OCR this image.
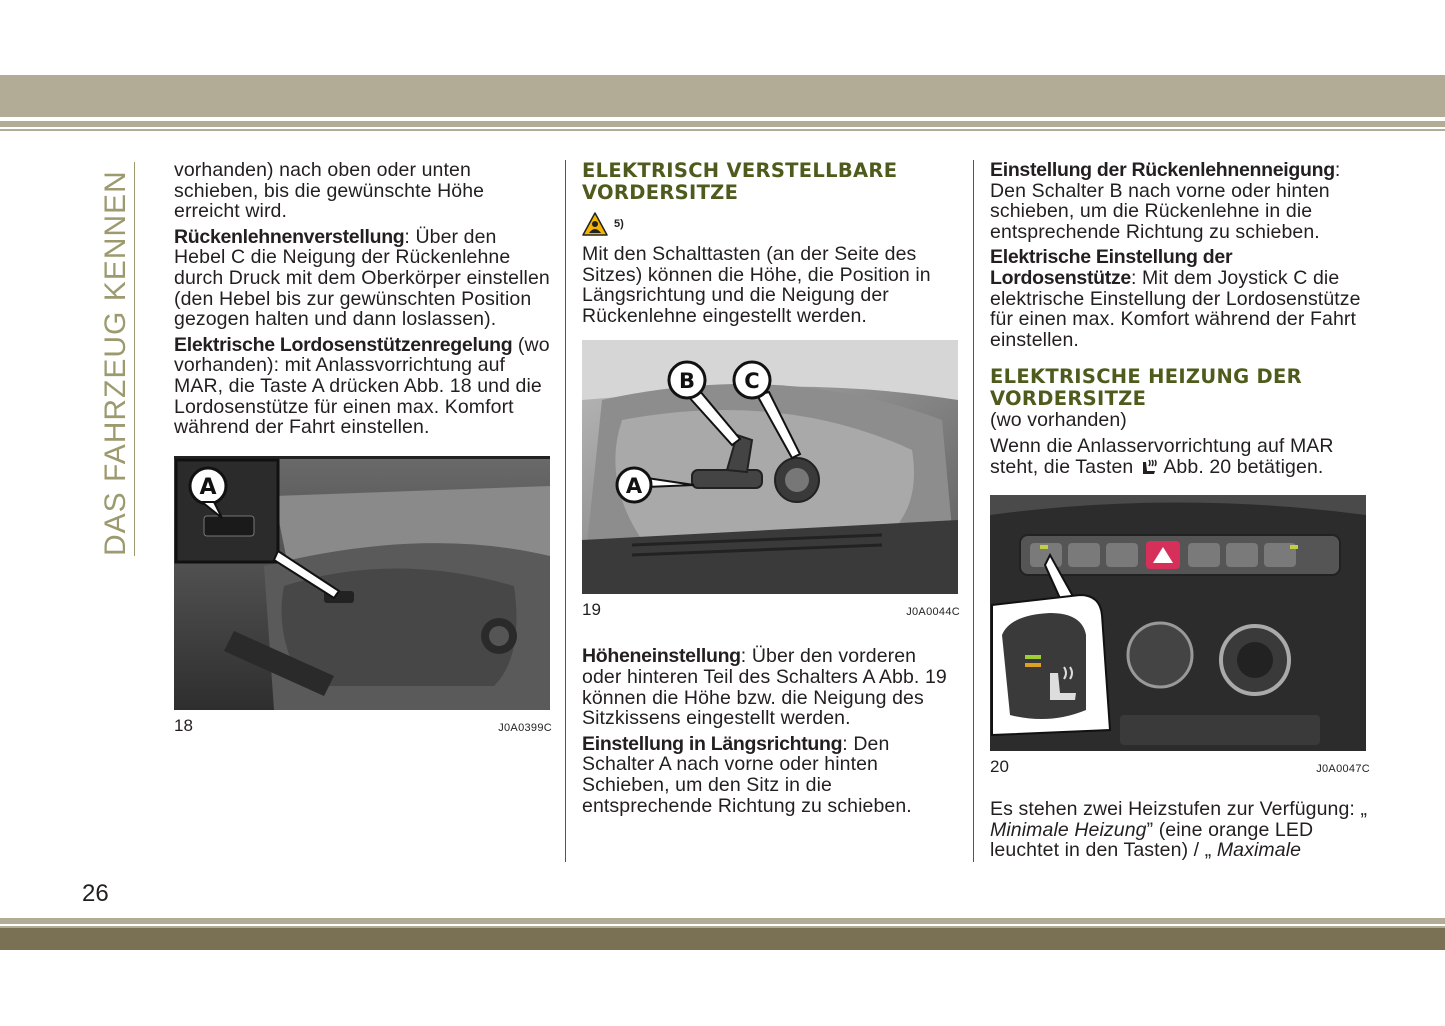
DAS FAHRZEUG KENNEN

vorhanden) nach oben oder unten schieben, bis die gewünschte Höhe erreicht wird.

Rückenlehnenverstellung: Über den Hebel C die Neigung der Rückenlehne durch Druck mit dem Oberkörper einstellen (den Hebel bis zur gewünschten Position gezogen halten und dann loslassen).

Elektrische Lordosenstützenregelung (wo vorhanden): mit Anlassvorrichtung auf MAR, die Taste A drücken Abb. 18 und die Lordosenstütze für einen max. Komfort während der Fahrt einstellen.

A
18	J0A0399C
ELEKTRISCH VERSTELLBARE VORDERSITZE
5)

Mit den Schalttasten (an der Seite des Sitzes) können die Höhe, die Position in Längsrichtung und die Neigung der Rückenlehne eingestellt werden.

A
B C
19	J0A0044C

Höheneinstellung: Über den vorderen oder hinteren Teil des Schalters A Abb. 19 können die Höhe bzw. die Neigung des Sitzkissens eingestellt werden.

Einstellung in Längsrichtung: Den Schalter A nach vorne oder hinten Schieben, um den Sitz in die entsprechende Richtung zu schieben.

Einstellung der Rückenlehnenneigung: Den Schalter B nach vorne oder hinten schieben, um die Rückenlehne in die entsprechende Richtung zu schieben.

Elektrische Einstellung der Lordosenstütze: Mit dem Joystick C die elektrische Einstellung der Lordosenstütze für einen max. Komfort während der Fahrt einstellen.

ELEKTRISCHE HEIZUNG DER VORDERSITZE

(wo vorhanden)

Wenn die Anlasservorrichtung auf MAR steht, die Tasten  Abb. 20 betätigen.

20	J0A0047C

Es stehen zwei Heizstufen zur Verfügung: „ Minimale Heizung” (eine orange LED leuchtet in den Tasten) / „ Maximale

26
